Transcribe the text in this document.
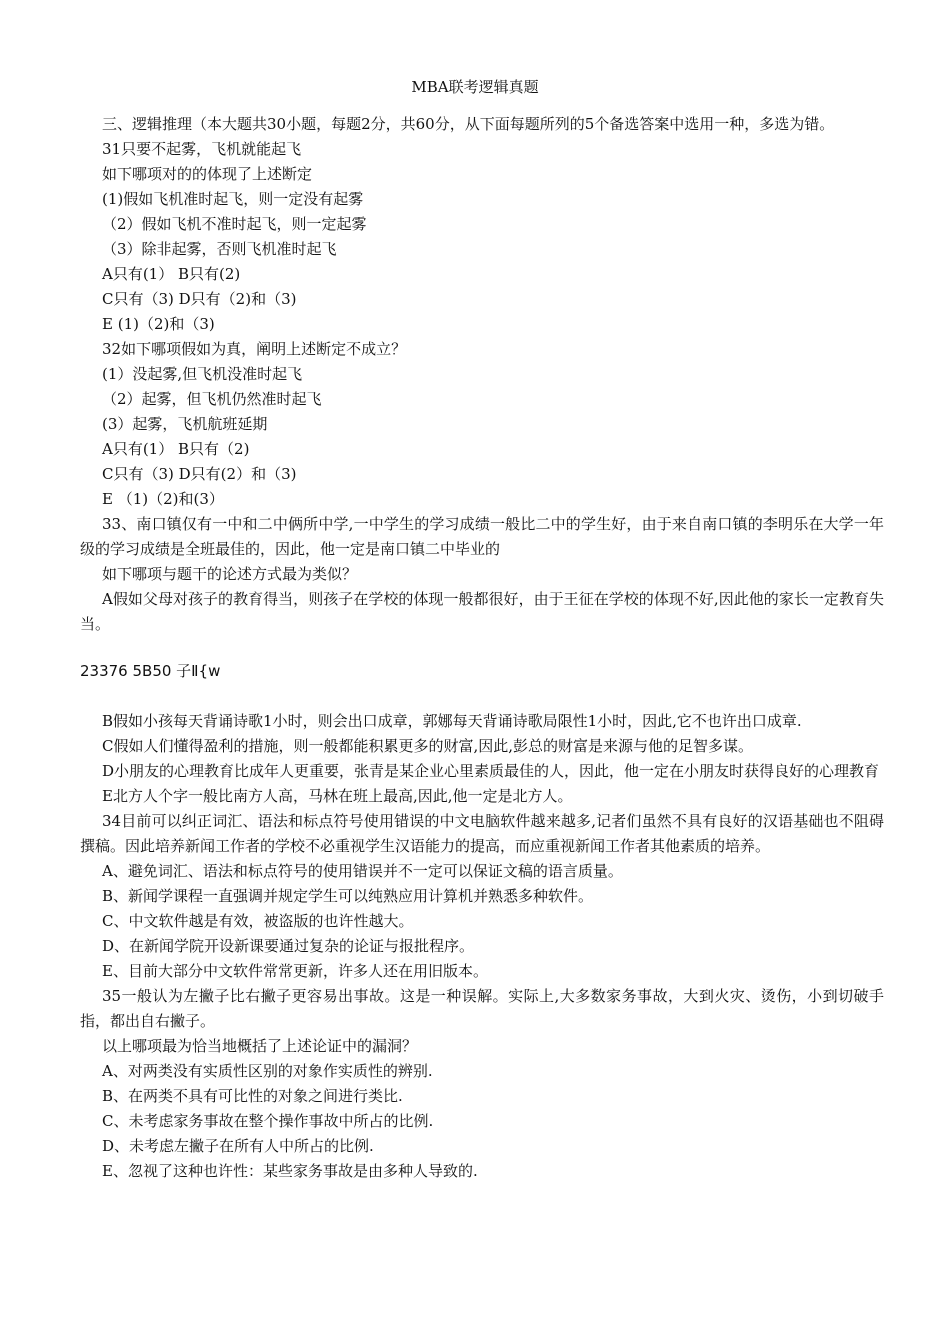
MBA联考逻辑真题

三、逻辑推理（本大题共30小题，每题2分，共60分，从下面每题所列的5个备选答案中选用一种，多选为错。

31只要不起雾，飞机就能起飞

如下哪项对的的体现了上述断定

(1)假如飞机准时起飞，则一定没有起雾

（2）假如飞机不准时起飞，则一定起雾

（3）除非起雾，否则飞机准时起飞

A只有(1） B只有(2)

C只有（3) D只有（2)和（3)

E (1)（2)和（3)

32如下哪项假如为真，阐明上述断定不成立？

(1）没起雾,但飞机没准时起飞

（2）起雾，但飞机仍然准时起飞

(3）起雾，飞机航班延期

A只有(1） B只有（2)

C只有（3) D只有(2）和（3)

E （1)（2)和(3）

33、南口镇仅有一中和二中俩所中学,一中学生的学习成绩一般比二中的学生好，由于来自南口镇的李明乐在大学一年级的学习成绩是全班最佳的，因此，他一定是南口镇二中毕业的

如下哪项与题干的论述方式最为类似？

A假如父母对孩子的教育得当，则孩子在学校的体现一般都很好，由于王征在学校的体现不好,因此他的家长一定教育失当。

23376 5B50 子Ⅱ{w

B假如小孩每天背诵诗歌1小时，则会出口成章，郭娜每天背诵诗歌局限性1小时，因此,它不也许出口成章.

C假如人们懂得盈利的措施，则一般都能积累更多的财富,因此,彭总的财富是来源与他的足智多谋。

D小朋友的心理教育比成年人更重要，张青是某企业心里素质最佳的人，因此，他一定在小朋友时获得良好的心理教育

E北方人个字一般比南方人高，马林在班上最高,因此,他一定是北方人。

34目前可以纠正词汇、语法和标点符号使用错误的中文电脑软件越来越多,记者们虽然不具有良好的汉语基础也不阻碍撰稿。因此培养新闻工作者的学校不必重视学生汉语能力的提高，而应重视新闻工作者其他素质的培养。

A、避免词汇、语法和标点符号的使用错误并不一定可以保证文稿的语言质量。

B、新闻学课程一直强调并规定学生可以纯熟应用计算机并熟悉多种软件。

C、中文软件越是有效，被盗版的也许性越大。

D、在新闻学院开设新课要通过复杂的论证与报批程序。

E、目前大部分中文软件常常更新，许多人还在用旧版本。

35一般认为左撇子比右撇子更容易出事故。这是一种误解。实际上,大多数家务事故，大到火灾、烫伤，小到切破手指，都出自右撇子。

以上哪项最为恰当地概括了上述论证中的漏洞？

A、对两类没有实质性区别的对象作实质性的辨别.

B、在两类不具有可比性的对象之间进行类比.

C、未考虑家务事故在整个操作事故中所占的比例.

D、未考虑左撇子在所有人中所占的比例.

E、忽视了这种也许性：某些家务事故是由多种人导致的.
